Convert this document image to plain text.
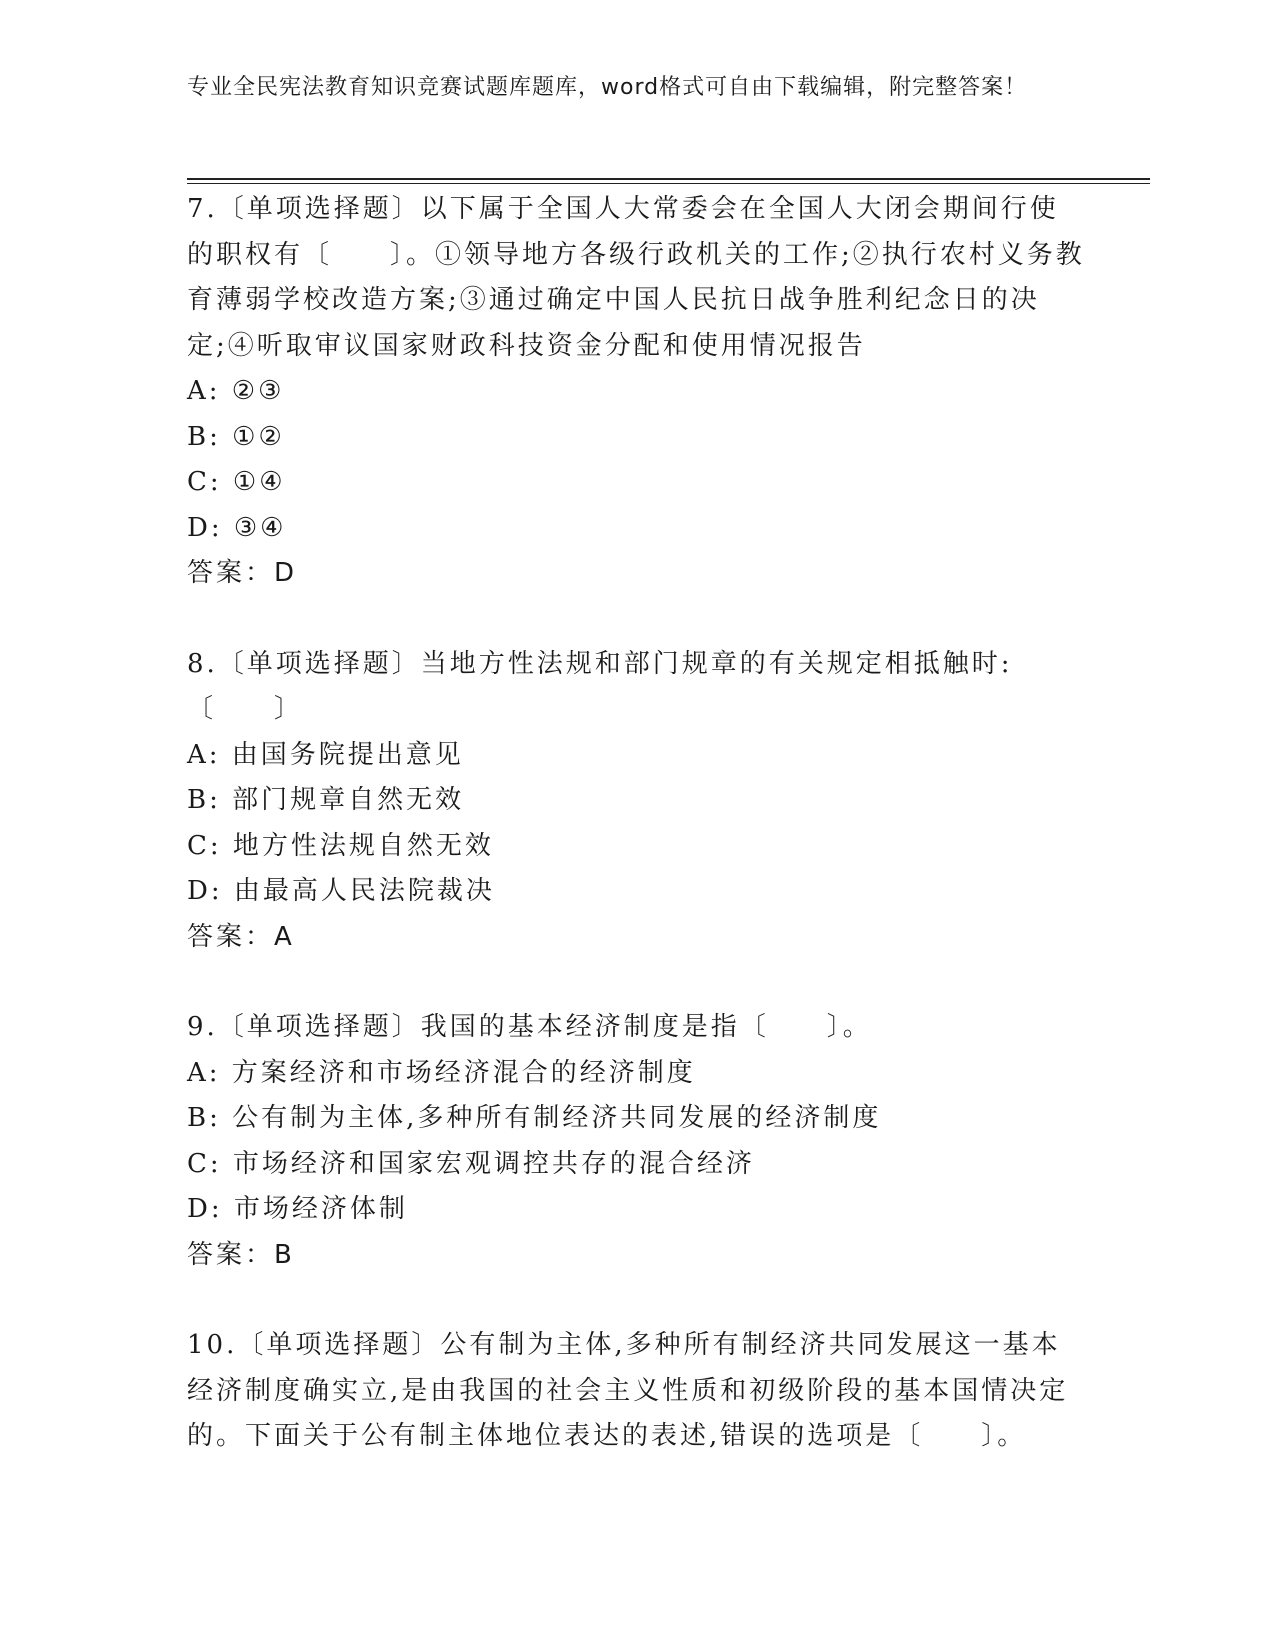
专业全民宪法教育知识竞赛试题库题库，word格式可自由下载编辑，附完整答案！

7.〔单项选择题〕以下属于全国人大常委会在全国人大闭会期间行使的职权有〔　　〕。①领导地方各级行政机关的工作;②执行农村义务教育薄弱学校改造方案;③通过确定中国人民抗日战争胜利纪念日的决定;④听取审议国家财政科技资金分配和使用情况报告

A: ②③

B: ①②

C: ①④

D: ③④

答案：D

8.〔单项选择题〕当地方性法规和部门规章的有关规定相抵触时:〔　　〕

A: 由国务院提出意见

B: 部门规章自然无效

C: 地方性法规自然无效

D: 由最高人民法院裁决

答案：A

9.〔单项选择题〕我国的基本经济制度是指〔　　〕。

A: 方案经济和市场经济混合的经济制度

B: 公有制为主体,多种所有制经济共同发展的经济制度

C: 市场经济和国家宏观调控共存的混合经济

D: 市场经济体制

答案：B

10.〔单项选择题〕公有制为主体,多种所有制经济共同发展这一基本经济制度确实立,是由我国的社会主义性质和初级阶段的基本国情决定的。下面关于公有制主体地位表达的表述,错误的选项是〔　　〕。
